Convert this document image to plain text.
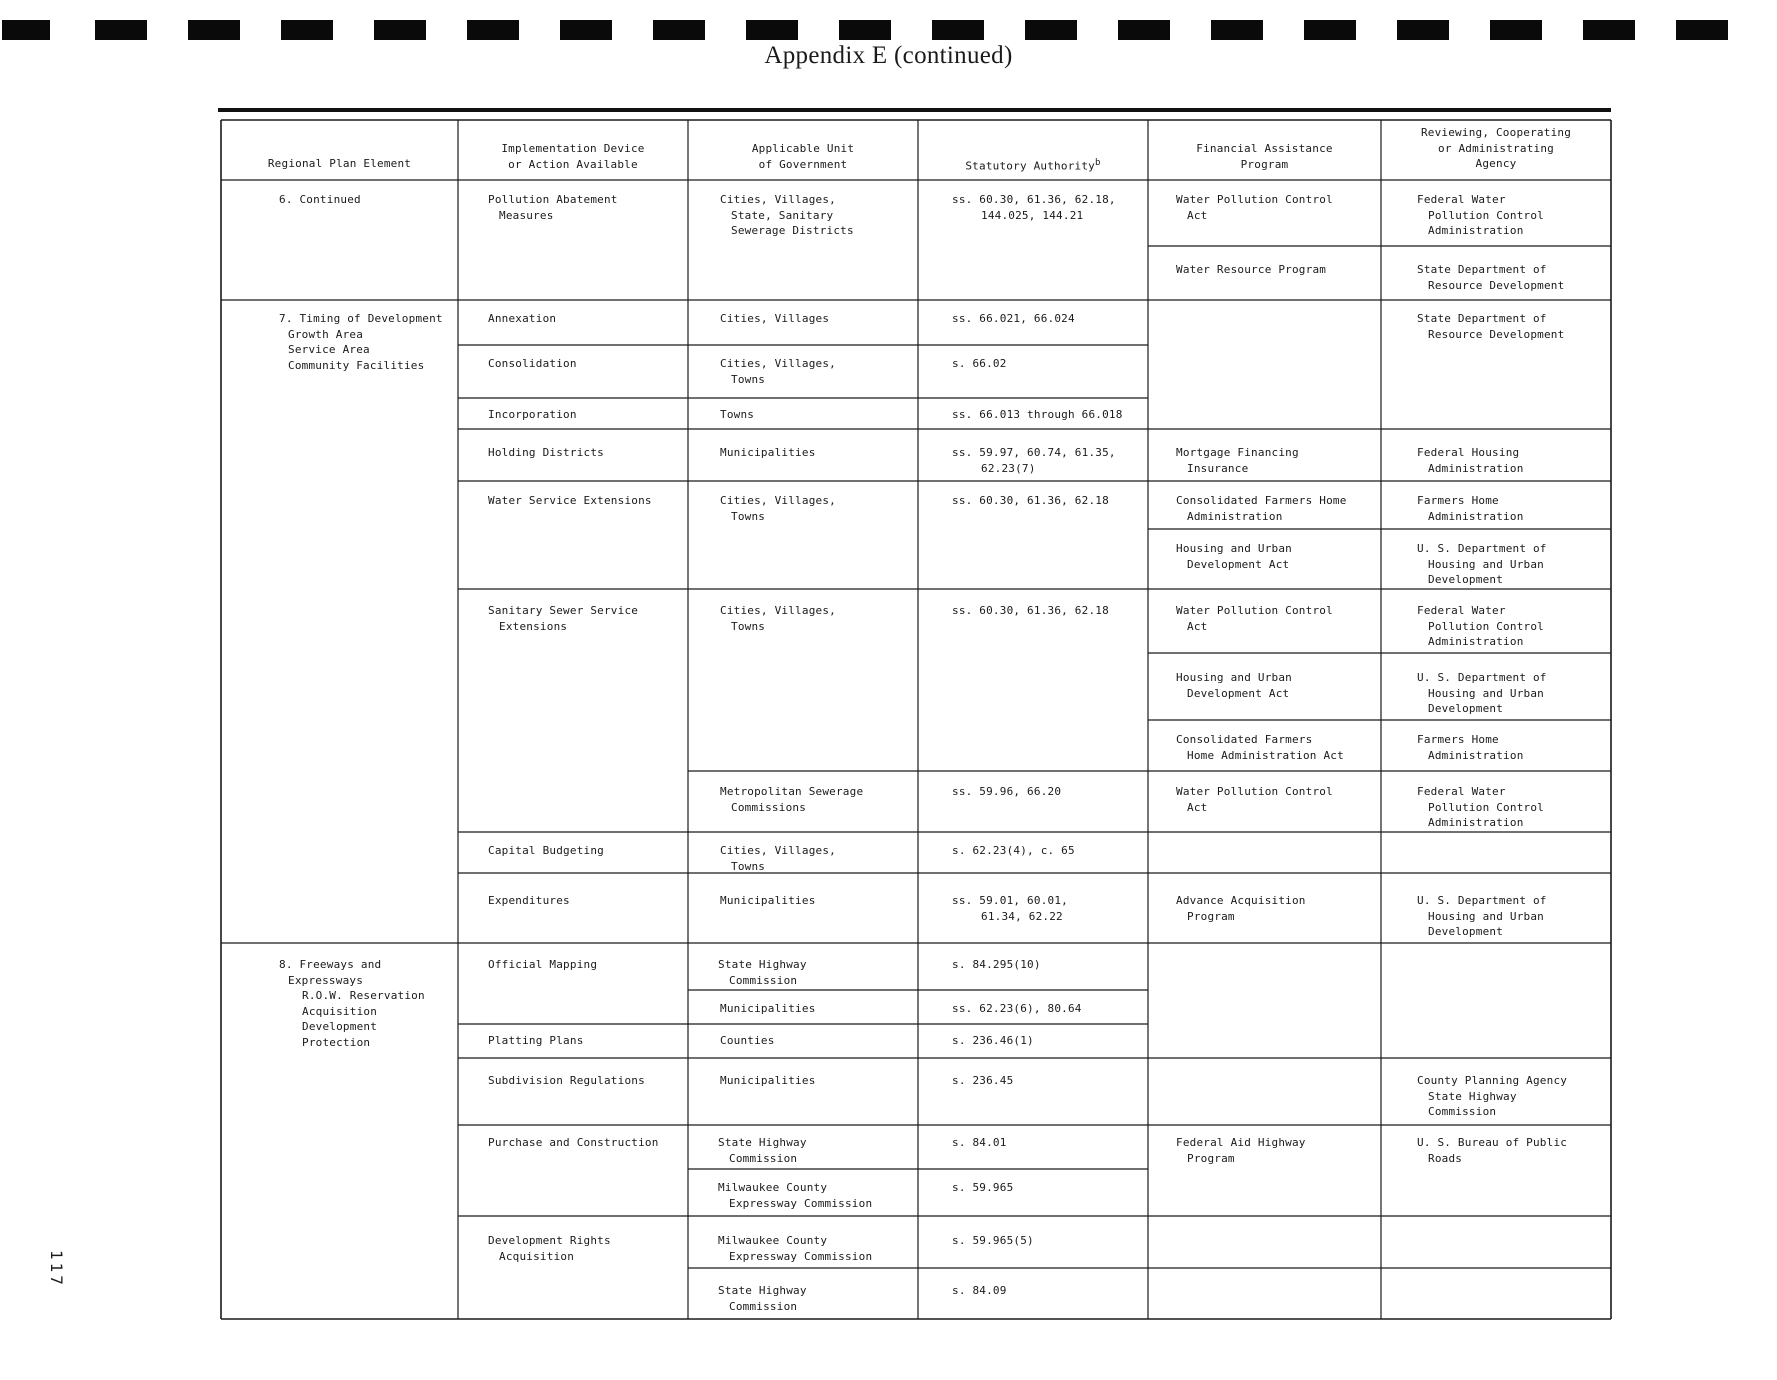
Appendix E (continued)
Regional Plan Element
Implementation Device
or Action Available
Applicable Unit
of Government	Statutory Authority$^b$
Financial Assistance
Program
Reviewing, Cooperating
or Administrating
Agency
6. Continued
7. Timing of Development
Growth Area
Service Area
Community Facilities
8. Freeways and
Expressways
R.O.W. Reservation
Acquisition
Development
Protection
Pollution Abatement
Measures
Annexation
Consolidation
Incorporation
Holding Districts
Water Service Extensions
Sanitary Sewer Service
Extensions
Capital Budgeting
Expenditures
Official Mapping
Platting Plans
Subdivision Regulations
Purchase and Construction
Development Rights
Acquisition
Cities, Villages,
State, Sanitary
Sewerage Districts
Cities, Villages
Cities, Villages,
Towns
Towns
Municipalities
Cities, Villages,
Towns
Cities, Villages,
Towns
Metropolitan Sewerage
Commissions
Cities, Villages,
Towns
Municipalities
State Highway
Commission
Municipalities
Counties
Municipalities
State Highway
Commission
Milwaukee County
Expressway Commission
Milwaukee County
Expressway Commission
State Highway
Commission
ss. 60.30, 61.36, 62.18,
144.025, 144.21
ss. 66.021, 66.024
s. 66.02
ss. 66.013 through 66.018
ss. 59.97, 60.74, 61.35,
62.23(7)
ss. 60.30, 61.36, 62.18
ss. 60.30, 61.36, 62.18
ss. 59.96, 66.20
s. 62.23(4), c. 65
ss. 59.01, 60.01,
61.34, 62.22
s. 84.295(10)
ss. 62.23(6), 80.64
s. 236.46(1)
s. 236.45
s. 84.01
s. 59.965
s. 59.965(5)
s. 84.09
Water Pollution Control
Act
Water Resource Program
Mortgage Financing
Insurance
Consolidated Farmers Home
Administration
Housing and Urban
Development Act
Water Pollution Control
Act
Housing and Urban
Development Act
Consolidated Farmers
Home Administration Act
Water Pollution Control
Act
Advance Acquisition
Program
Federal Aid Highway
Program
Federal Water
Pollution Control
Administration
State Department of
Resource Development
State Department of
Resource Development
Federal Housing
Administration
Farmers Home
Administration
U. S. Department of
Housing and Urban
Development
Federal Water
Pollution Control
Administration
U. S. Department of
Housing and Urban
Development
Farmers Home
Administration
Federal Water
Pollution Control
Administration
U. S. Department of
Housing and Urban
Development
County Planning Agency
State Highway
Commission
U. S. Bureau of Public
Roads
117
